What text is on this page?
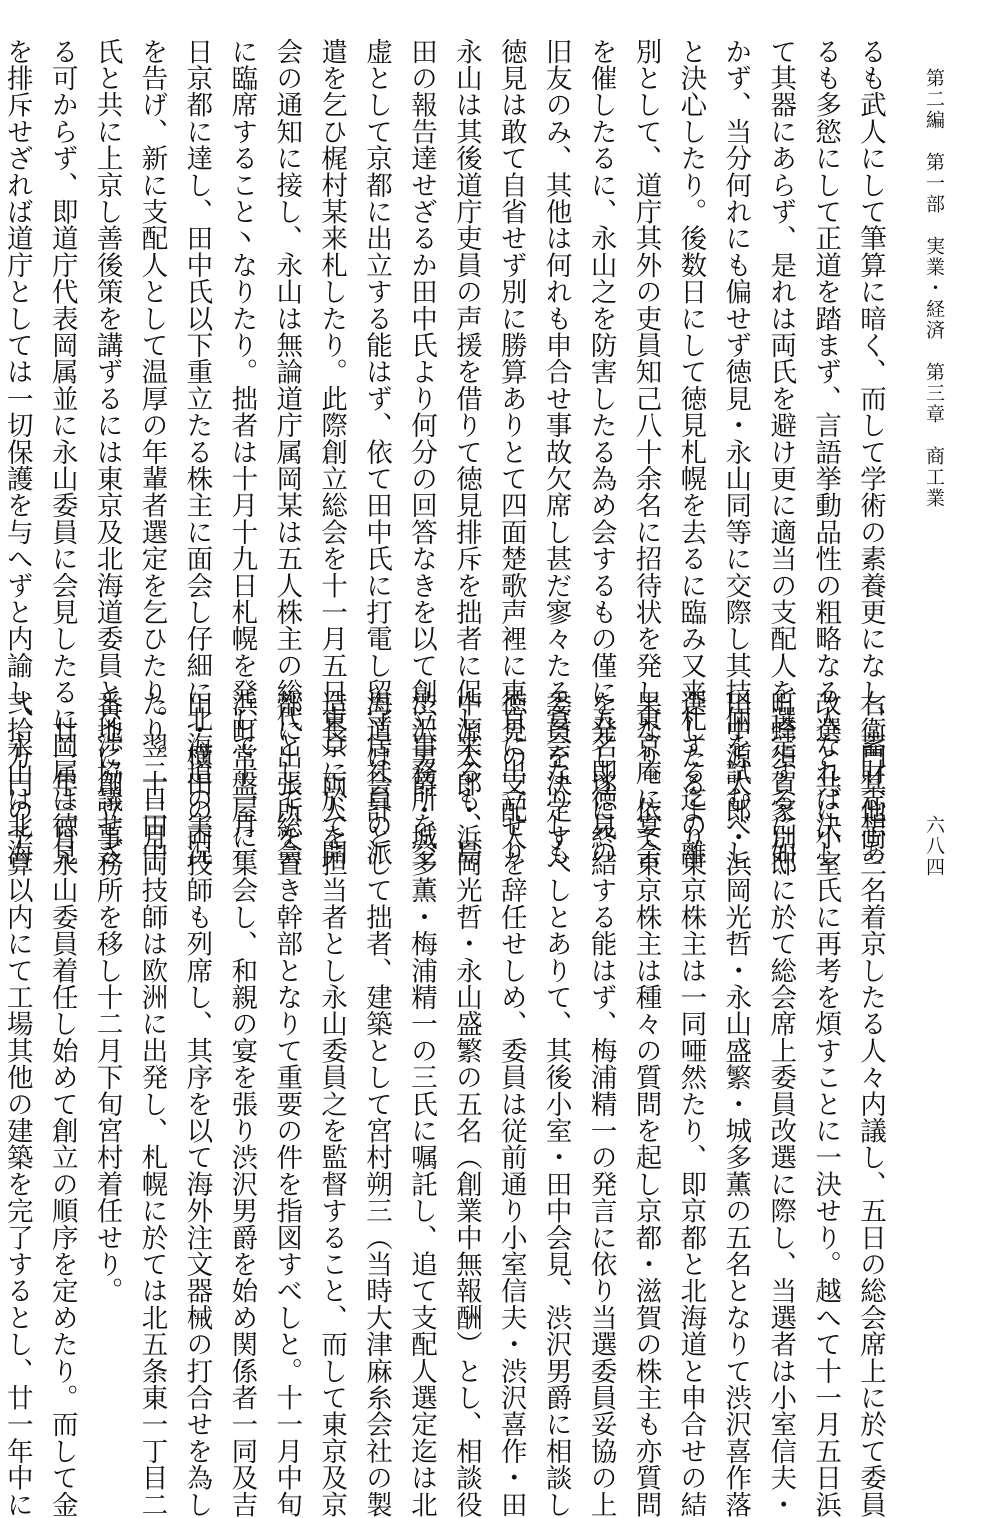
第二編　第一部　実業・経済　第三章　商工業
六八四
るも武人にして筆算に暗く、而して学術の素養更になし、蓄財志想あ
るも多慾にして正道を踏まず、言語挙動品性の粗略なる人なれば決し
て其器にあらず、是れは両氏を避け更に適当の支配人を選定するに如
かず、当分何れにも偏せず徳見・永山同等に交際し其技倆を試むべし
と決心したり。後数日にして徳見札幌を去るに臨み又来札する迄の離
別として、道庁其外の吏員知己八十余名に招待状を発し東京庵に宴会
を催したるに、永山之を防害したる為め会するもの僅に五名即徳見の
旧友のみ、其他は何れも申合せ事故欠席し甚だ寥々たる宴会なりしも
徳見は敢て自省せず別に勝算ありとて四面楚歌声裡に東京に出立せり
永山は其後道庁吏員の声援を借りて徳見排斥を拙者に促し来るも、島
田の報告達せざるか田中氏より何分の回答なきを以て創立事務所を空
虚として京都に出立する能はず、依て田中氏に打電し留守居社員の派
遣を乞ひ梶村某来札したり。此際創立総会を十一月五日東京に於て開
会の通知に接し、永山は無論道庁属岡某は五人株主の総代として総会
に臨席すること丶なりたり。拙者は十月十九日札幌を発して十一月一
日京都に達し、田中氏以下重立たる株主に面会し仔細に北海道の実況
を告げ、新に支配人として温厚の年輩者選定を乞ひたり。翌二日田中
氏と共に上京し善後策を講ずるには東京及北海道委員と交渉協議せざ
る可からず、即道庁代表岡属並に永山委員に会見したるに岡属は徳見
を排斥せざれば道庁としては一切保護を与へずと内諭し、永山は北海
右衛門其他両三名着京したる人々内議し、五日の総会席上に於て委員
改選と共に小室氏に再考を煩すことに一決せり。越へて十一月五日浜
町蜂須賀家別邸に於て総会席上委員改選に際し、当選者は小室信夫・
田中源太郎・浜岡光哲・永山盛繁・城多薫の五名となりて渋沢喜作落
選したるより東京株主は一同唖然たり、即京都と北海道と申合せの結
果なり。依て東京株主は種々の質問を起し京都・滋賀の株主も亦質問
を発し遂に終結する能はず、梅浦精一の発言に依り当選委員妥協の上
委員を決定すべしとありて、其後小室・田中会見、渋沢男爵に相談し
徳見の支配人を辞任せしめ、委員は従前通り小室信夫・渋沢喜作・田
中源太郎・浜岡光哲・永山盛繁の五名（創業中無報酬）とし、相談役
渋沢男爵・城多薫・梅浦精一の三氏に嘱託し、追て支配人選定迄は北
海道は会計として拙者、建築として宮村朔三（当時大津麻糸会社の製
造長）両人を担当者とし永山委員之を監督すること、而して東京及京
都に出張所を置き幹部となりて重要の件を指図すべしと。十一月中旬
浜町常盤屋に集会し、和親の宴を張り渋沢男爵を始め関係者一同及吉
田・横田の両技師も列席し、其序を以て海外注文器械の打合せを為し
たり。十二月両技師は欧洲に出発し、札幌に於ては北五条東一丁目二
番地に創立事務所を移し十二月下旬宮村着任せり。
　廿一年三月永山委員着任し始めて創立の順序を定めたり。而して金
弐拾万円の予算以内にて工場其他の建築を完了するとし、廿一年中に
